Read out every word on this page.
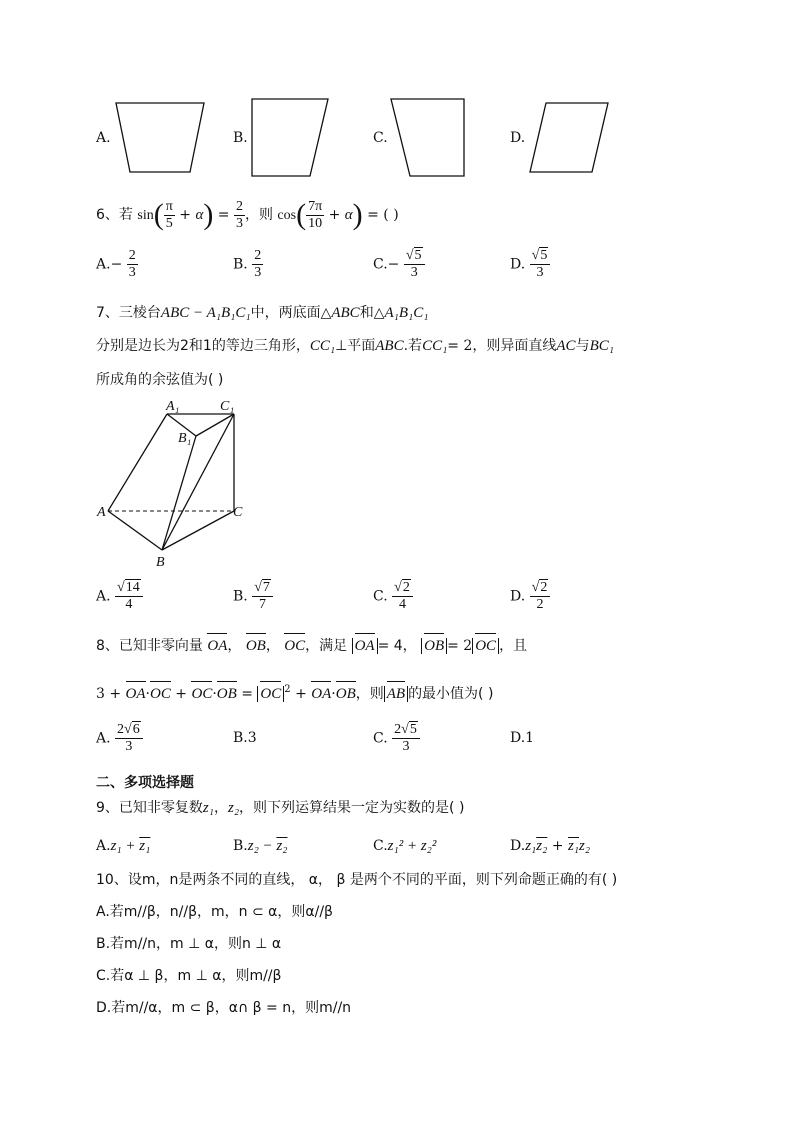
A.	B.	C.	D.
6、若 $\sin( \frac{\pi}{5} + \alpha) = \frac{2}{3}$ ，则 $\cos( \frac{7\pi}{10} + \alpha)$ = ( )
$A.- \frac{2}{3}$	B. $\frac{2}{3}$	$C.- \frac{√5}{3}$	D. $\frac{√5}{3}$
7、三棱台ABC − A₁B₁C₁中，两底面△ABC和△A₁B₁C₁
分别是边长为2和1的等边三角形，CC₁⊥平面ABC.若CC₁= 2，则异面直线AC与BC₁
所成角的余弦值为( )
A₁	C₁
B₁
A	C
B
A. $\frac{√14}{4}$	B. $\frac{√7}{7}$	C. $\frac{√2}{4}$	D. $\frac{√2}{2}$
8、已知非零向量 OA
， OB
， OC
，满足 OA = 4， OB = 2 OC ，且
3 + OA
·OC + OC
·OB = OC $^2$ + OA
·OB
，则 AB 的最小值为( )
A. $\frac{2√6}{3}$	B.3	C. $\frac{2√5}{3}$	D.1
二、多项选择题
9、已知非零复数z₁，z₂，则下列运算结果一定为实数的是( )
A.z₁ + z₁	B.z₂ − z₂	C.z₁² + z₂²	D.z₁z₂ + z₁z₂
10、设m，n是两条不同的直线， α， β 是两个不同的平面，则下列命题正确的有( )
A.若m//β，n//β，m，n ⊂ α，则α//β
B.若m//n，m ⊥ α，则n ⊥ α
C.若α ⊥ β，m ⊥ α，则m//β
D.若m//α，m ⊂ β，α∩ β = n，则m//n
